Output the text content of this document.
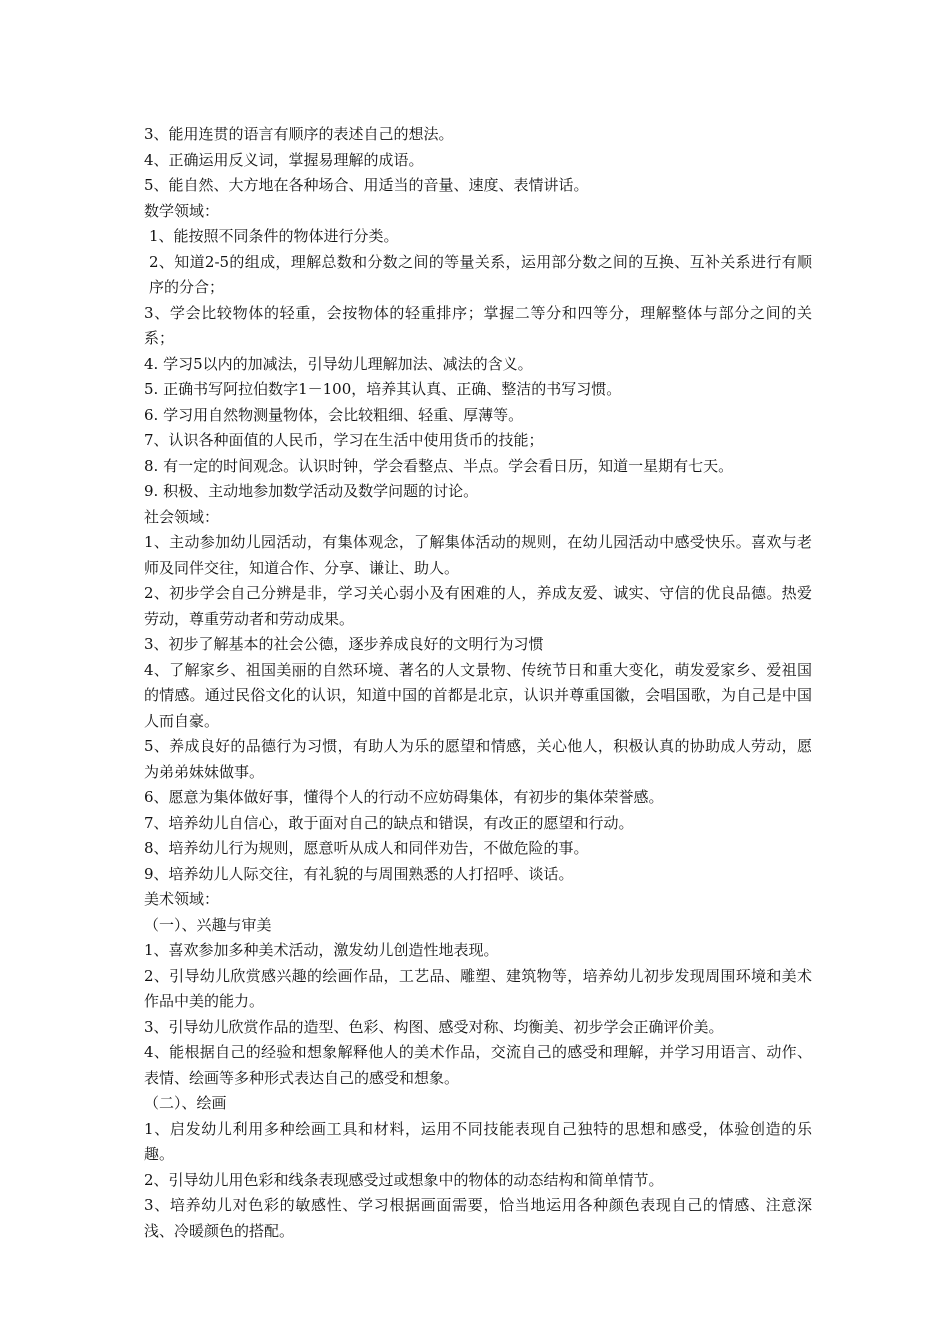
3、能用连贯的语言有顺序的表述自己的想法。

4、正确运用反义词，掌握易理解的成语。

5、能自然、大方地在各种场合、用适当的音量、速度、表情讲话。

数学领域：

1、能按照不同条件的物体进行分类。

2、知道2-5的组成，理解总数和分数之间的等量关系，运用部分数之间的互换、互补关系进行有顺序的分合；

3、学会比较物体的轻重，会按物体的轻重排序；掌握二等分和四等分，理解整体与部分之间的关系；

4. 学习5以内的加减法，引导幼儿理解加法、减法的含义。

5. 正确书写阿拉伯数字1－100，培养其认真、正确、整洁的书写习惯。

6. 学习用自然物测量物体，会比较粗细、轻重、厚薄等。

7、认识各种面值的人民币，学习在生活中使用货币的技能；

8. 有一定的时间观念。认识时钟，学会看整点、半点。学会看日历，知道一星期有七天。

9. 积极、主动地参加数学活动及数学问题的讨论。

社会领域：

1、主动参加幼儿园活动，有集体观念，了解集体活动的规则，在幼儿园活动中感受快乐。喜欢与老师及同伴交往，知道合作、分享、谦让、助人。

2、初步学会自己分辨是非，学习关心弱小及有困难的人，养成友爱、诚实、守信的优良品德。热爱劳动，尊重劳动者和劳动成果。

3、初步了解基本的社会公德，逐步养成良好的文明行为习惯

4、了解家乡、祖国美丽的自然环境、著名的人文景物、传统节日和重大变化，萌发爱家乡、爱祖国的情感。通过民俗文化的认识，知道中国的首都是北京，认识并尊重国徽，会唱国歌，为自己是中国人而自豪。

5、养成良好的品德行为习惯，有助人为乐的愿望和情感，关心他人，积极认真的协助成人劳动，愿为弟弟妹妹做事。

6、愿意为集体做好事，懂得个人的行动不应妨碍集体，有初步的集体荣誉感。

7、培养幼儿自信心，敢于面对自己的缺点和错误，有改正的愿望和行动。

8、培养幼儿行为规则，愿意听从成人和同伴劝告，不做危险的事。

9、培养幼儿人际交往，有礼貌的与周围熟悉的人打招呼、谈话。

美术领域：

（一）、兴趣与审美

1、喜欢参加多种美术活动，激发幼儿创造性地表现。

2、引导幼儿欣赏感兴趣的绘画作品，工艺品、雕塑、建筑物等，培养幼儿初步发现周围环境和美术作品中美的能力。

3、引导幼儿欣赏作品的造型、色彩、构图、感受对称、均衡美、初步学会正确评价美。

4、能根据自己的经验和想象解释他人的美术作品，交流自己的感受和理解，并学习用语言、动作、表情、绘画等多种形式表达自己的感受和想象。

（二）、绘画

1、启发幼儿利用多种绘画工具和材料，运用不同技能表现自己独特的思想和感受，体验创造的乐趣。

2、引导幼儿用色彩和线条表现感受过或想象中的物体的动态结构和简单情节。

3、培养幼儿对色彩的敏感性、学习根据画面需要，恰当地运用各种颜色表现自己的情感、注意深浅、冷暖颜色的搭配。
